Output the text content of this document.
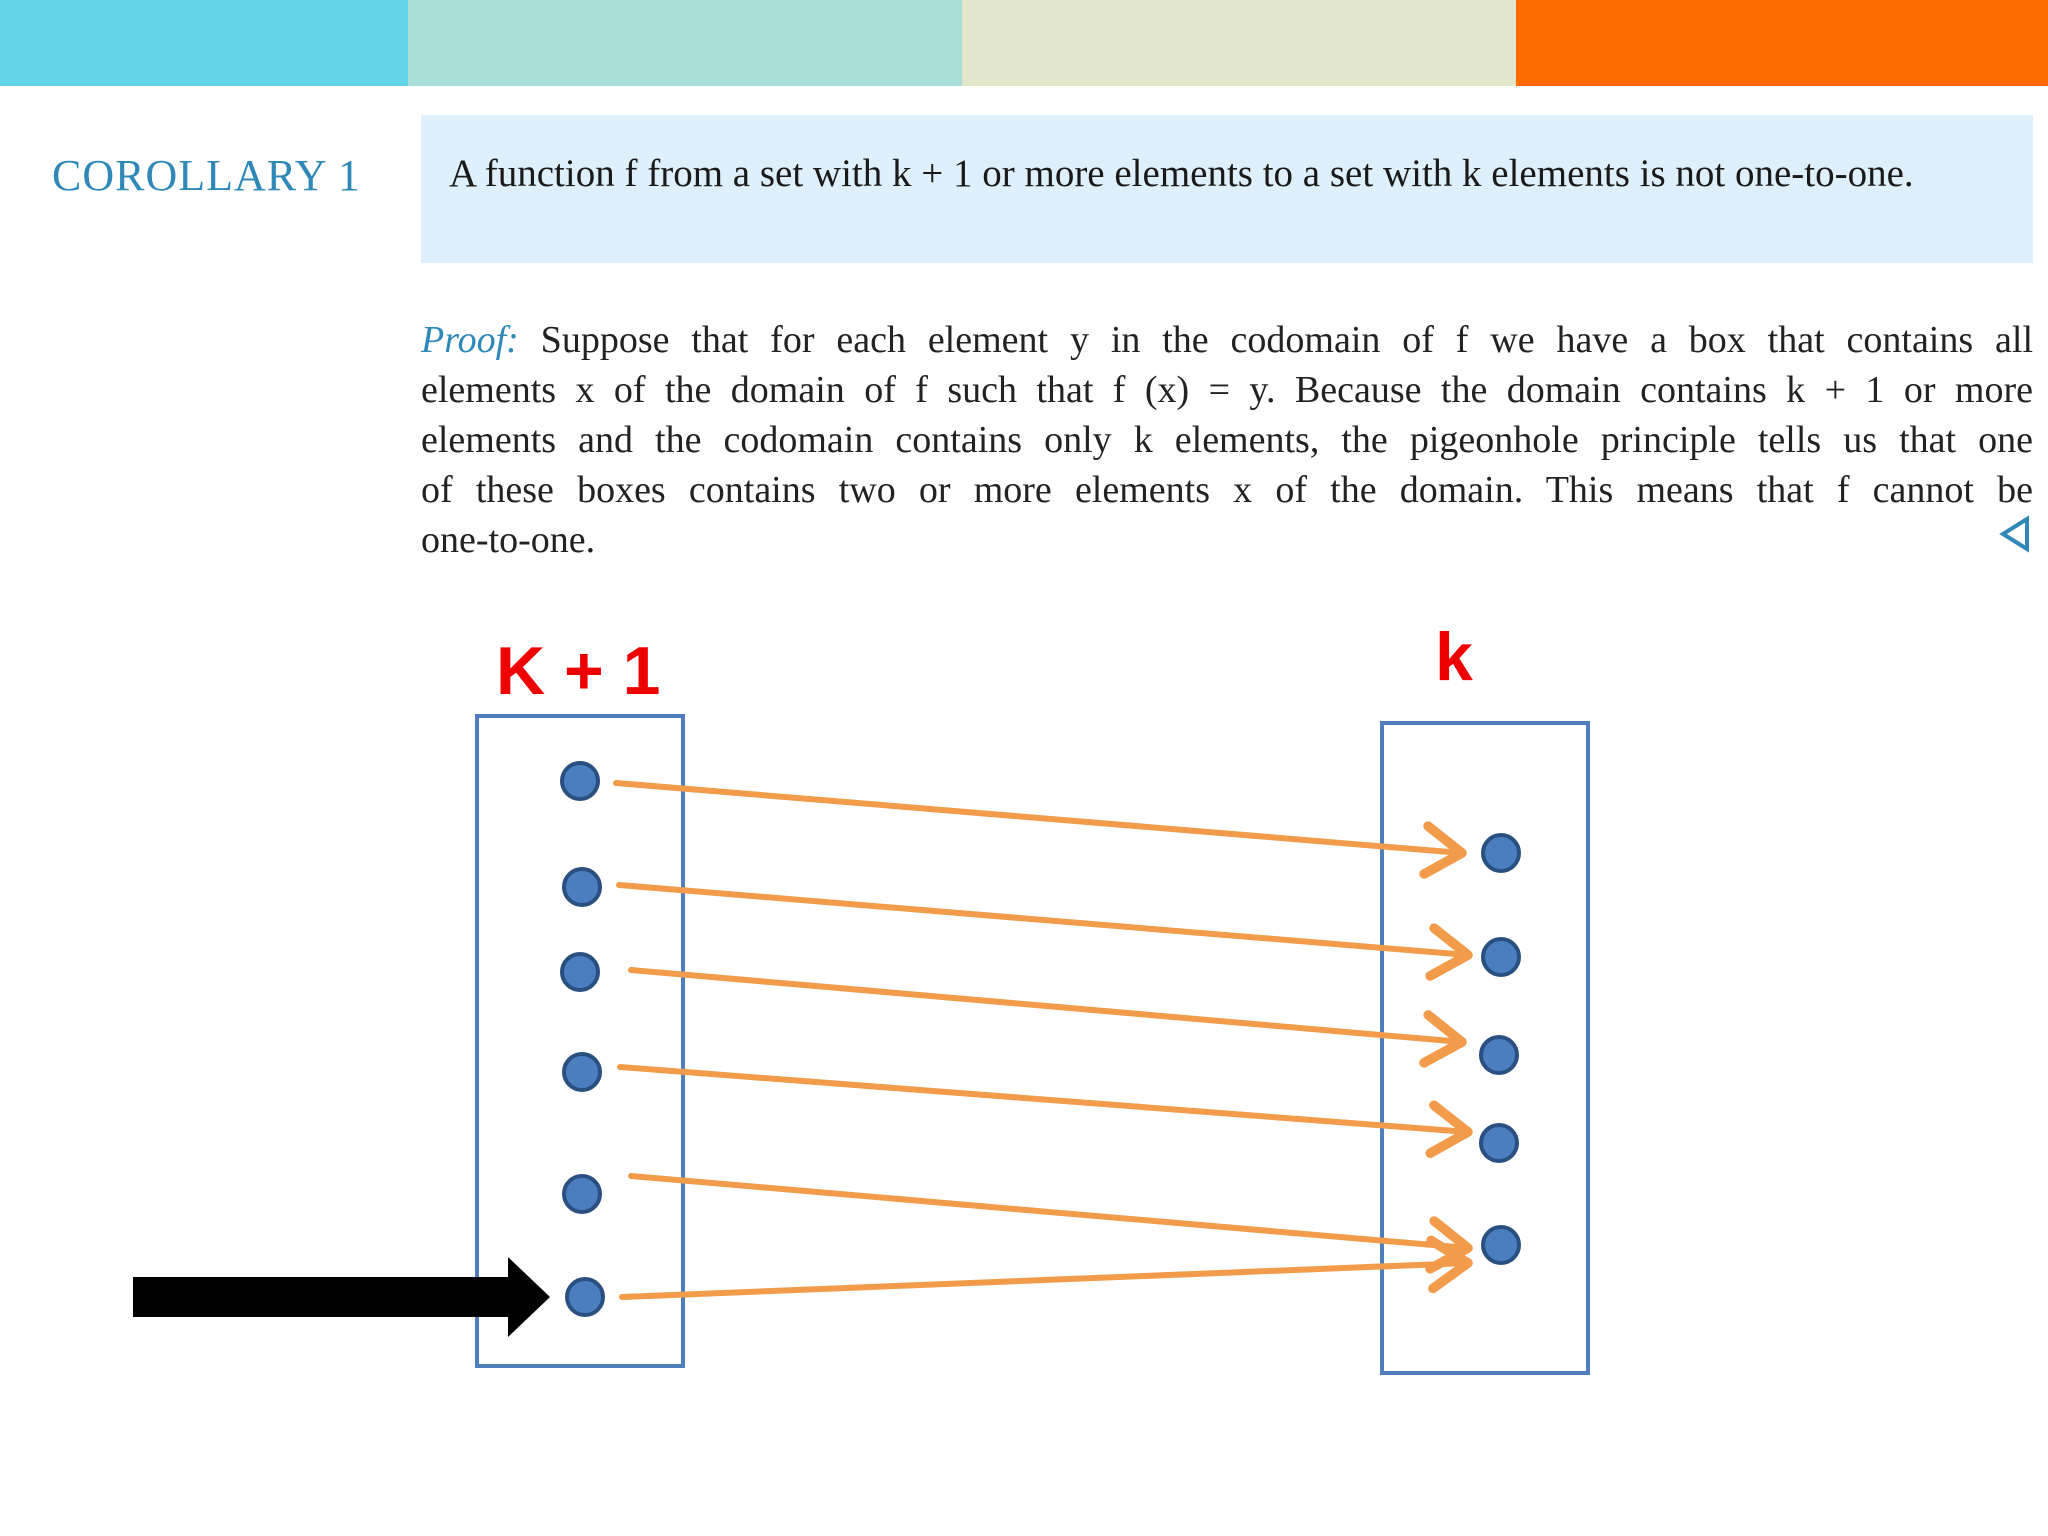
COROLLARY 1 A function f from a set with k + 1 or more elements to a set with k elements is not one-to-one.
Proof: Suppose that for each element y in the codomain of f we have a box that contains all
elements x of the domain of f such that f (x) = y. Because the domain contains k + 1 or more
elements and the codomain contains only k elements, the pigeonhole principle tells us that one
of these boxes contains two or more elements x of the domain. This means that f cannot be
one-to-one.
K + 1	k
